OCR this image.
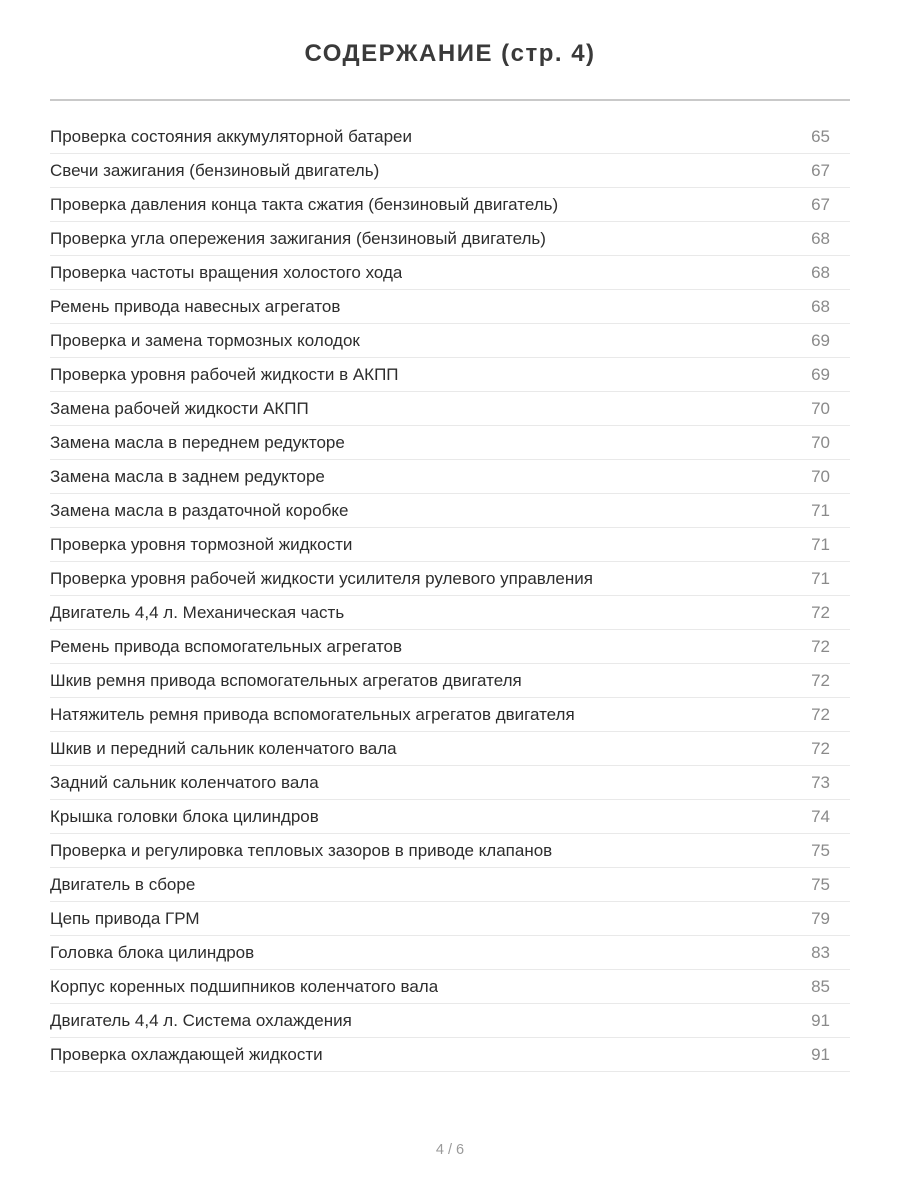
СОДЕРЖАНИЕ (стр. 4)
Проверка состояния аккумуляторной батареи	65
Свечи зажигания (бензиновый двигатель)	67
Проверка давления конца такта сжатия (бензиновый двигатель)	67
Проверка угла опережения зажигания (бензиновый двигатель)	68
Проверка частоты вращения холостого хода	68
Ремень привода навесных агрегатов	68
Проверка и замена тормозных колодок	69
Проверка уровня рабочей жидкости в АКПП	69
Замена рабочей жидкости АКПП	70
Замена масла в переднем редукторе	70
Замена масла в заднем редукторе	70
Замена масла в раздаточной коробке	71
Проверка уровня тормозной жидкости	71
Проверка уровня рабочей жидкости усилителя рулевого управления	71
Двигатель 4,4 л. Механическая часть	72
Ремень привода вспомогательных агрегатов	72
Шкив ремня привода вспомогательных агрегатов двигателя	72
Натяжитель ремня привода вспомогательных агрегатов двигателя	72
Шкив и передний сальник коленчатого вала	72
Задний сальник коленчатого вала	73
Крышка головки блока цилиндров	74
Проверка и регулировка тепловых зазоров в приводе клапанов	75
Двигатель в сборе	75
Цепь привода ГРМ	79
Головка блока цилиндров	83
Корпус коренных подшипников коленчатого вала	85
Двигатель 4,4 л. Система охлаждения	91
Проверка охлаждающей жидкости	91
4 / 6
